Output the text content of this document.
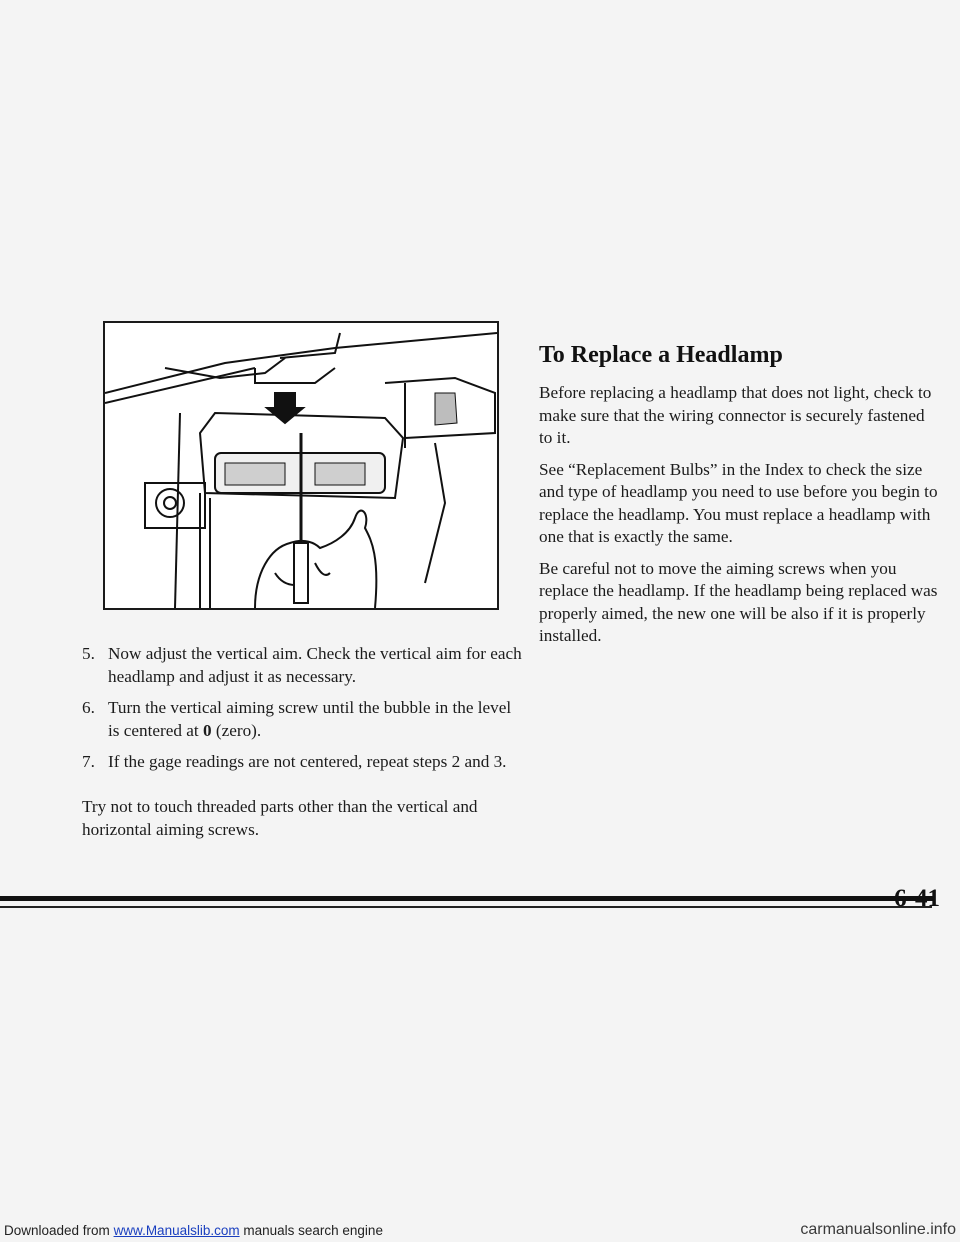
5. Now adjust the vertical aim. Check the vertical aim for each headlamp and adjust it as necessary.
6. Turn the vertical aiming screw until the bubble in the level is centered at 0 (zero).
7. If the gage readings are not centered, repeat steps 2 and 3.
Try not to touch threaded parts other than the vertical and horizontal aiming screws.
To Replace a Headlamp

Before replacing a headlamp that does not light, check to make sure that the wiring connector is securely fastened to it.

See “Replacement Bulbs” in the Index to check the size and type of headlamp you need to use before you begin to replace the headlamp. You must replace a headlamp with one that is exactly the same.

Be careful not to move the aiming screws when you replace the headlamp. If the headlamp being replaced was properly aimed, the new one will be also if it is properly installed.

6-41
Downloaded from www.Manualslib.com manuals search engine	carmanualsonline.info
